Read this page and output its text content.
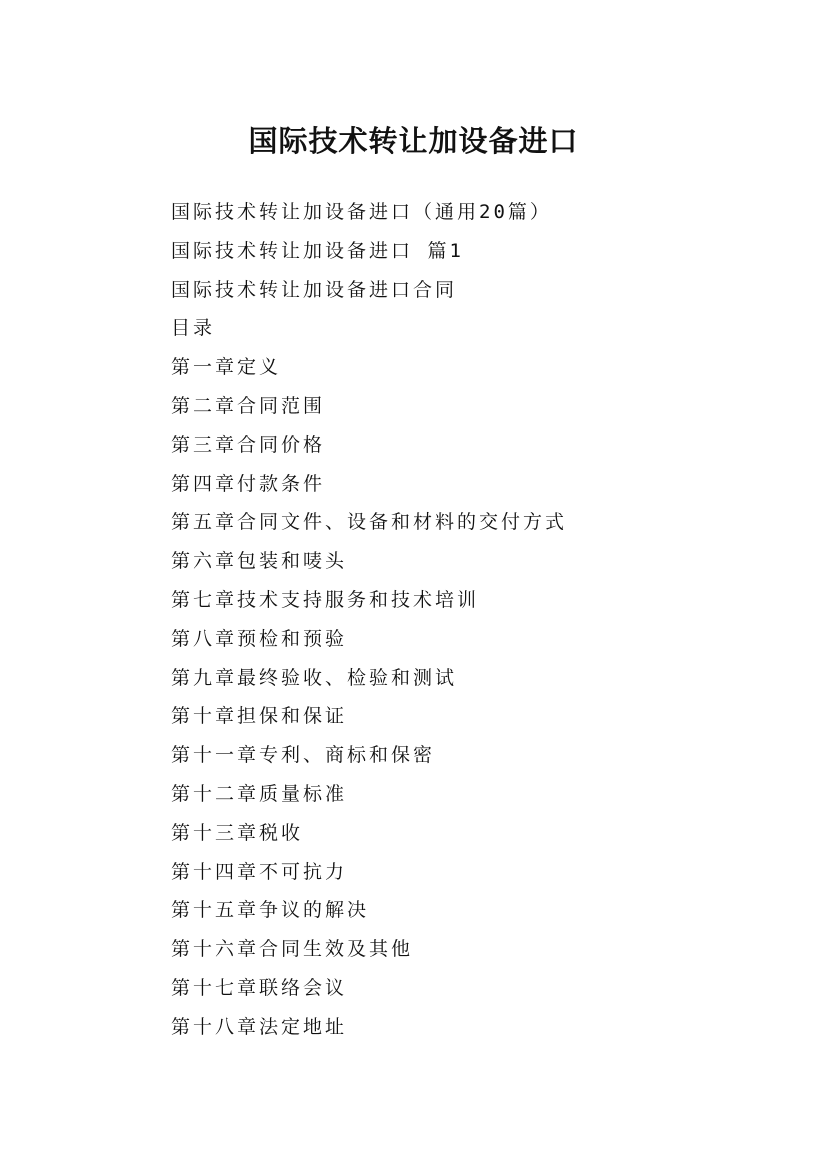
国际技术转让加设备进口
国际技术转让加设备进口（通用20篇）
国际技术转让加设备进口 篇1
国际技术转让加设备进口合同
目录
第一章定义
第二章合同范围
第三章合同价格
第四章付款条件
第五章合同文件、设备和材料的交付方式
第六章包装和唛头
第七章技术支持服务和技术培训
第八章预检和预验
第九章最终验收、检验和测试
第十章担保和保证
第十一章专利、商标和保密
第十二章质量标准
第十三章税收
第十四章不可抗力
第十五章争议的解决
第十六章合同生效及其他
第十七章联络会议
第十八章法定地址
